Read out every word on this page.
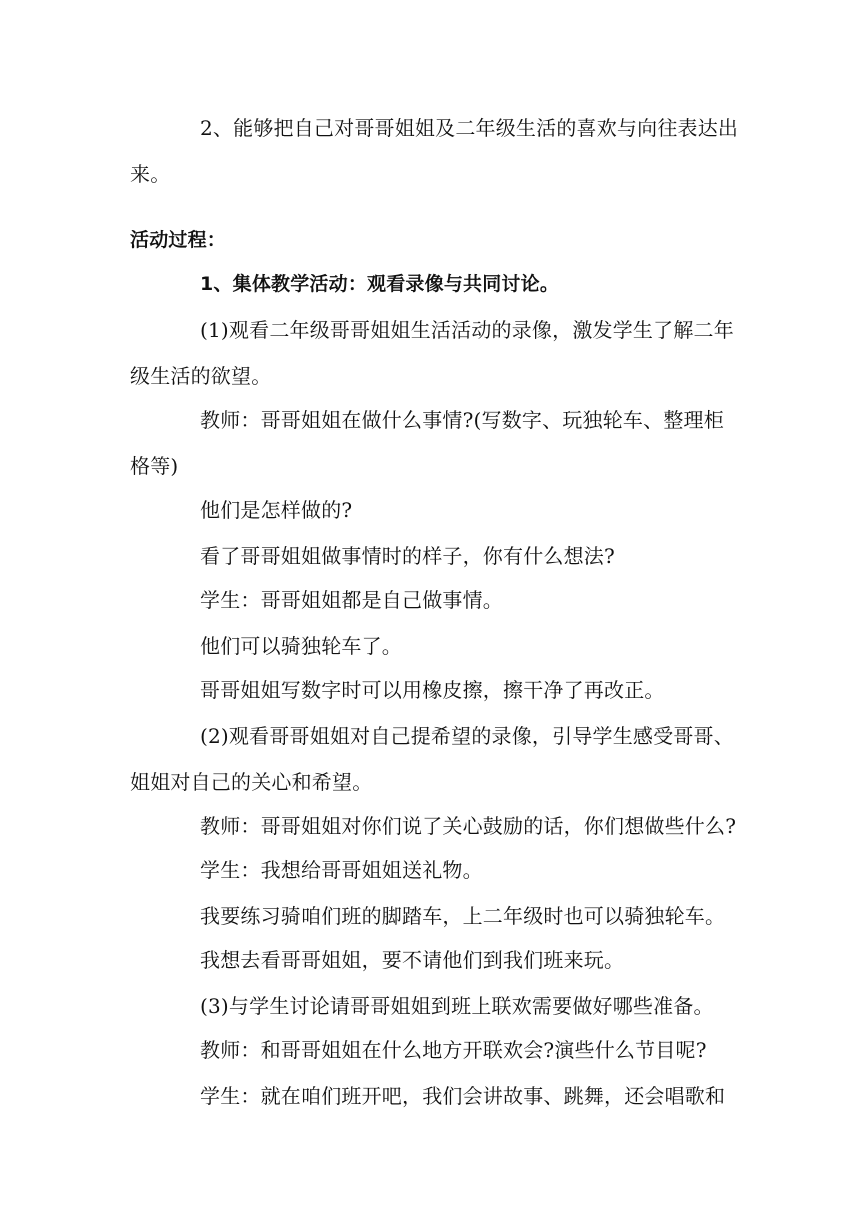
2、能够把自己对哥哥姐姐及二年级生活的喜欢与向往表达出
来。
活动过程：
1、集体教学活动：观看录像与共同讨论。
(1)观看二年级哥哥姐姐生活活动的录像，激发学生了解二年
级生活的欲望。
教师：哥哥姐姐在做什么事情?(写数字、玩独轮车、整理柜
格等)
他们是怎样做的?
看了哥哥姐姐做事情时的样子，你有什么想法?
学生：哥哥姐姐都是自己做事情。
他们可以骑独轮车了。
哥哥姐姐写数字时可以用橡皮擦，擦干净了再改正。
(2)观看哥哥姐姐对自己提希望的录像，引导学生感受哥哥、
姐姐对自己的关心和希望。
教师：哥哥姐姐对你们说了关心鼓励的话，你们想做些什么?
学生：我想给哥哥姐姐送礼物。
我要练习骑咱们班的脚踏车，上二年级时也可以骑独轮车。
我想去看哥哥姐姐，要不请他们到我们班来玩。
(3)与学生讨论请哥哥姐姐到班上联欢需要做好哪些准备。
教师：和哥哥姐姐在什么地方开联欢会?演些什么节目呢?
学生：就在咱们班开吧，我们会讲故事、跳舞，还会唱歌和
